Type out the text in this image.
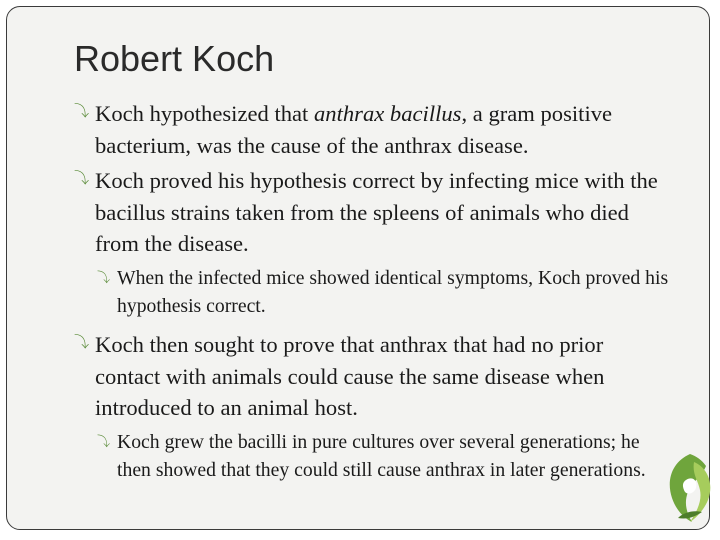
Robert Koch

⤵ Koch hypothesized that anthrax bacillus, a gram positive bacterium, was the cause of the anthrax disease.

⤵ Koch proved his hypothesis correct by infecting mice with the bacillus strains taken from the spleens of animals who died from the disease.

⤵ When the infected mice showed identical symptoms, Koch proved his hypothesis correct.

⤵ Koch then sought to prove that anthrax that had no prior contact with animals could cause the same disease when introduced to an animal host.

⤵ Koch grew the bacilli in pure cultures over several generations; he then showed that they could still cause anthrax in later generations.
